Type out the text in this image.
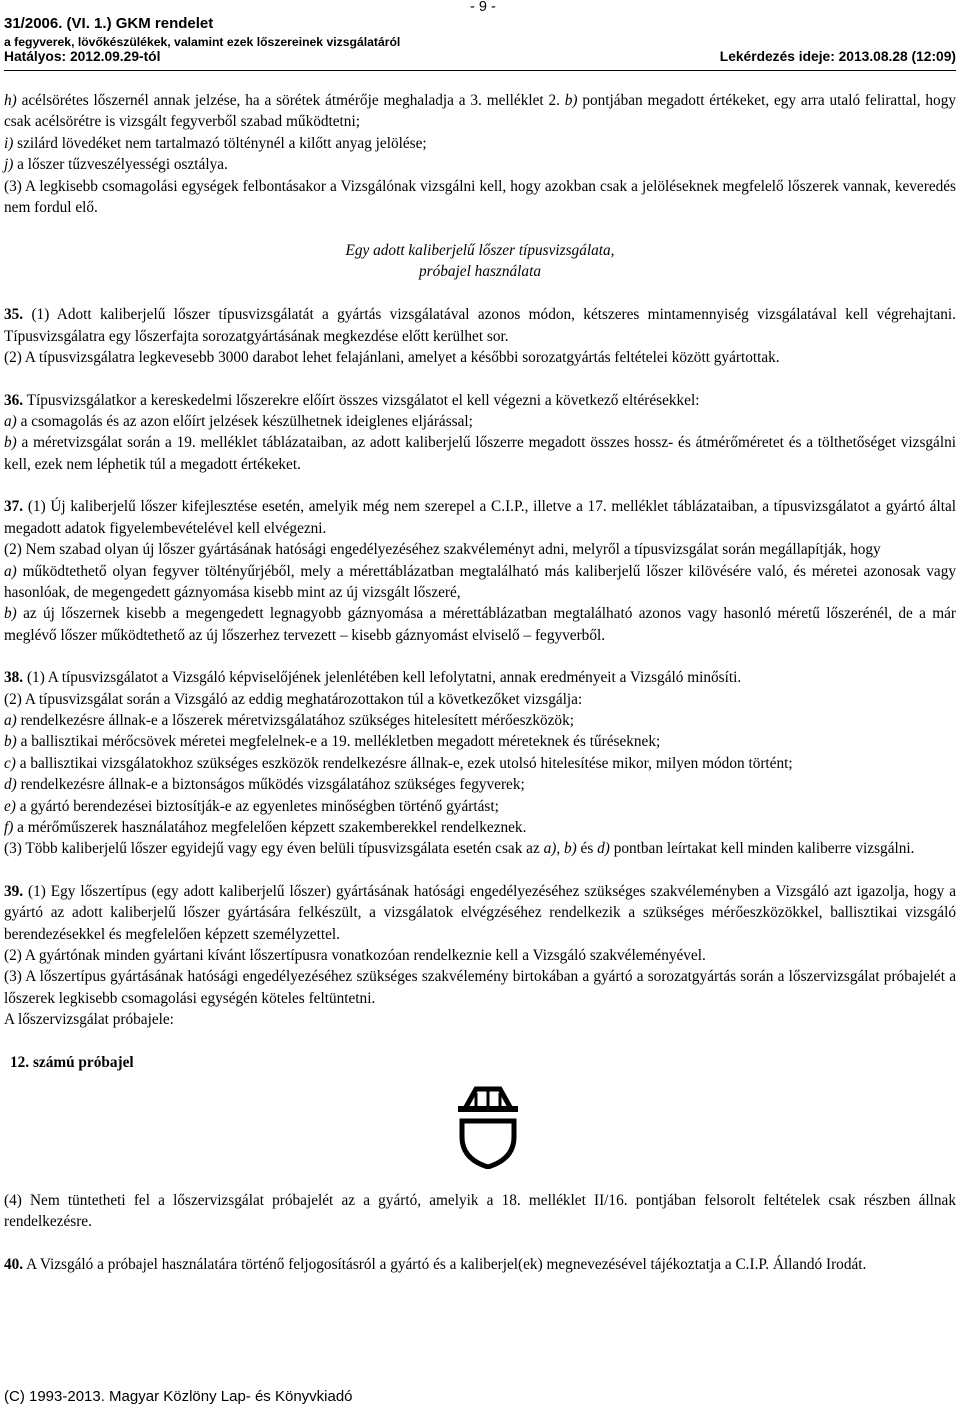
- 9 -
31/2006. (VI. 1.) GKM rendelet
a fegyverek, lövőkészülékek, valamint ezek lőszereinek vizsgálatáról
Hatályos: 2012.09.29-tól	Lekérdezés ideje: 2013.08.28 (12:09)

h) acélsörétes lőszernél annak jelzése, ha a sörétek átmérője meghaladja a 3. melléklet 2. b) pontjában megadott értékeket, egy arra utaló felirattal, hogy csak acélsörétre is vizsgált fegyverből szabad működtetni;

i) szilárd lövedéket nem tartalmazó tölténynél a kilőtt anyag jelölése;

j) a lőszer tűzveszélyességi osztálya.

(3) A legkisebb csomagolási egységek felbontásakor a Vizsgálónak vizsgálni kell, hogy azokban csak a jelöléseknek megfelelő lőszerek vannak, keveredés nem fordul elő.

Egy adott kaliberjelű lőszer típusvizsgálata,
próbajel használata

35. (1) Adott kaliberjelű lőszer típusvizsgálatát a gyártás vizsgálatával azonos módon, kétszeres mintamennyiség vizsgálatával kell végrehajtani. Típusvizsgálatra egy lőszerfajta sorozatgyártásának megkezdése előtt kerülhet sor.

(2) A típusvizsgálatra legkevesebb 3000 darabot lehet felajánlani, amelyet a későbbi sorozatgyártás feltételei között gyártottak.

36. Típusvizsgálatkor a kereskedelmi lőszerekre előírt összes vizsgálatot el kell végezni a következő eltérésekkel:

a) a csomagolás és az azon előírt jelzések készülhetnek ideiglenes eljárással;

b) a méretvizsgálat során a 19. melléklet táblázataiban, az adott kaliberjelű lőszerre megadott összes hossz- és átmérőméretet és a tölthetőséget vizsgálni kell, ezek nem léphetik túl a megadott értékeket.

37. (1) Új kaliberjelű lőszer kifejlesztése esetén, amelyik még nem szerepel a C.I.P., illetve a 17. melléklet táblázataiban, a típusvizsgálatot a gyártó által megadott adatok figyelembevételével kell elvégezni.

(2) Nem szabad olyan új lőszer gyártásának hatósági engedélyezéséhez szakvéleményt adni, melyről a típusvizsgálat során megállapítják, hogy

a) működtethető olyan fegyver töltényűrjéből, mely a mérettáblázatban megtalálható más kaliberjelű lőszer kilövésére való, és méretei azonosak vagy hasonlóak, de megengedett gáznyomása kisebb mint az új vizsgált lőszeré,

b) az új lőszernek kisebb a megengedett legnagyobb gáznyomása a mérettáblázatban megtalálható azonos vagy hasonló méretű lőszerénél, de a már meglévő lőszer működtethető az új lőszerhez tervezett – kisebb gáznyomást elviselő – fegyverből.

38. (1) A típusvizsgálatot a Vizsgáló képviselőjének jelenlétében kell lefolytatni, annak eredményeit a Vizsgáló minősíti.

(2) A típusvizsgálat során a Vizsgáló az eddig meghatározottakon túl a következőket vizsgálja:

a) rendelkezésre állnak-e a lőszerek méretvizsgálatához szükséges hitelesített mérőeszközök;

b) a ballisztikai mérőcsövek méretei megfelelnek-e a 19. mellékletben megadott méreteknek és tűréseknek;

c) a ballisztikai vizsgálatokhoz szükséges eszközök rendelkezésre állnak-e, ezek utolsó hitelesítése mikor, milyen módon történt;

d) rendelkezésre állnak-e a biztonságos működés vizsgálatához szükséges fegyverek;

e) a gyártó berendezései biztosítják-e az egyenletes minőségben történő gyártást;

f) a mérőműszerek használatához megfelelően képzett szakemberekkel rendelkeznek.

(3) Több kaliberjelű lőszer egyidejű vagy egy éven belüli típusvizsgálata esetén csak az a), b) és d) pontban leírtakat kell minden kaliberre vizsgálni.

39. (1) Egy lőszertípus (egy adott kaliberjelű lőszer) gyártásának hatósági engedélyezéséhez szükséges szakvéleményben a Vizsgáló azt igazolja, hogy a gyártó az adott kaliberjelű lőszer gyártására felkészült, a vizsgálatok elvégzéséhez rendelkezik a szükséges mérőeszközökkel, ballisztikai vizsgáló berendezésekkel és megfelelően képzett személyzettel.

(2) A gyártónak minden gyártani kívánt lőszertípusra vonatkozóan rendelkeznie kell a Vizsgáló szakvéleményével.

(3) A lőszertípus gyártásának hatósági engedélyezéséhez szükséges szakvélemény birtokában a gyártó a sorozatgyártás során a lőszervizsgálat próbajelét a lőszerek legkisebb csomagolási egységén köteles feltüntetni.

A lőszervizsgálat próbajele:

12. számú próbajel

(4) Nem tüntetheti fel a lőszervizsgálat próbajelét az a gyártó, amelyik a 18. melléklet II/16. pontjában felsorolt feltételek csak részben állnak rendelkezésre.

40. A Vizsgáló a próbajel használatára történő feljogosításról a gyártó és a kaliberjel(ek) megnevezésével tájékoztatja a C.I.P. Állandó Irodát.

(C) 1993-2013. Magyar Közlöny Lap- és Könyvkiadó
